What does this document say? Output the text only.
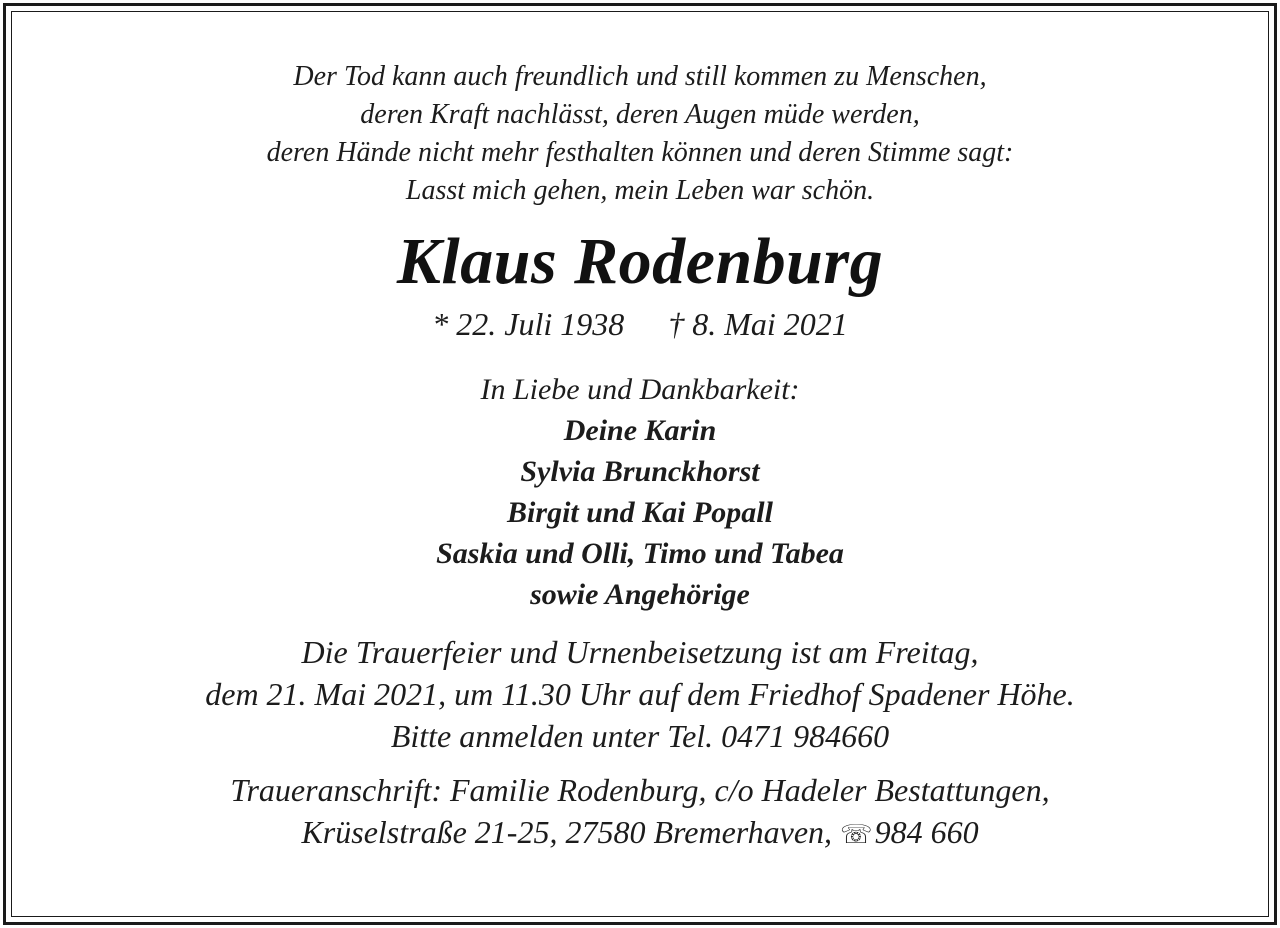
Der Tod kann auch freundlich und still kommen zu Menschen,
deren Kraft nachlässt, deren Augen müde werden,
deren Hände nicht mehr festhalten können und deren Stimme sagt:
Lasst mich gehen, mein Leben war schön.
Klaus Rodenburg
* 22. Juli 1938 † 8. Mai 2021
In Liebe und Dankbarkeit:
Deine Karin
Sylvia Brunckhorst
Birgit und Kai Popall
Saskia und Olli, Timo und Tabea
sowie Angehörige
Die Trauerfeier und Urnenbeisetzung ist am Freitag,
dem 21. Mai 2021, um 11.30 Uhr auf dem Friedhof Spadener Höhe.
Bitte anmelden unter Tel. 0471 984660
Traueranschrift: Familie Rodenburg, c/o Hadeler Bestattungen,
Krüselstraße 21-25, 27580 Bremerhaven, ☏984 660
